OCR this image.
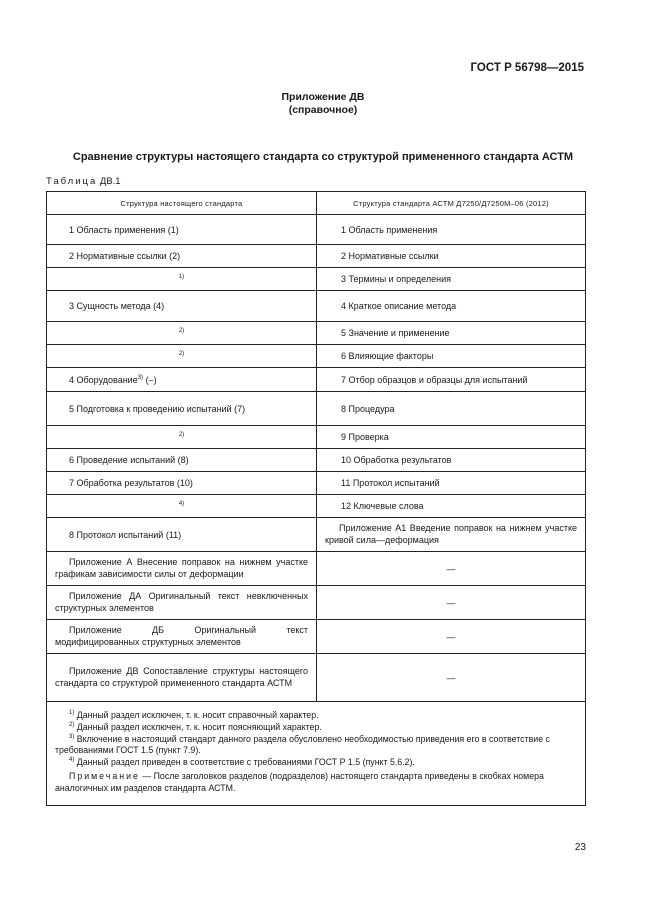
ГОСТ Р 56798—2015
Приложение ДВ
(справочное)
Сравнение структуры настоящего стандарта со структурой примененного стандарта АСТМ
Таблица ДВ.1
Структура настоящего стандарта	Структура стандарта АСТМ Д7250/Д7250М–06 (2012)
1 Область применения (1)	1 Область применения
2 Нормативные ссылки (2)	2 Нормативные ссылки
$^{1)}$	3 Термины и определения
3 Сущность метода (4)	4 Краткое описание метода
$^{2)}$	5 Значение и применение
$^{2)}$	6 Влияющие факторы
4 Оборудование$^{3)}$ (–)	7 Отбор образцов и образцы для испытаний
5 Подготовка к проведению испытаний (7)	8 Процедура
$^{2)}$	9 Проверка
6 Проведение испытаний (8)	10 Обработка результатов
7 Обработка результатов (10)	11 Протокол испытаний
$^{4)}$	12 Ключевые слова
8 Протокол испытаний (11)	Приложение А1 Введение поправок на нижнем участке кривой сила—деформация
Приложение А Внесение поправок на нижнем участке графикам зависимости силы от деформации	—
Приложение ДА Оригинальный текст невключенных структурных элементов	—
Приложение ДБ Оригинальный текст модифицированных структурных элементов	—
Приложение ДВ Сопоставление структуры настоящего стандарта со структурой примененного стандарта АСТМ	—

$^{1)}$ Данный раздел исключен, т. к. носит справочный характер.
$^{2)}$ Данный раздел исключен, т. к. носит поясняющий характер.
$^{3)}$ Включение в настоящий стандарт данного раздела обусловлено необходимостью приведения его в соответствие с требованиями ГОСТ 1.5 (пункт 7.9).
$^{4)}$ Данный раздел приведен в соответствие с требованиями ГОСТ Р 1.5 (пункт 5.6.2).
Примечание — После заголовков разделов (подразделов) настоящего стандарта приведены в скобках номера аналогичных им разделов стандарта АСТМ.	
23
